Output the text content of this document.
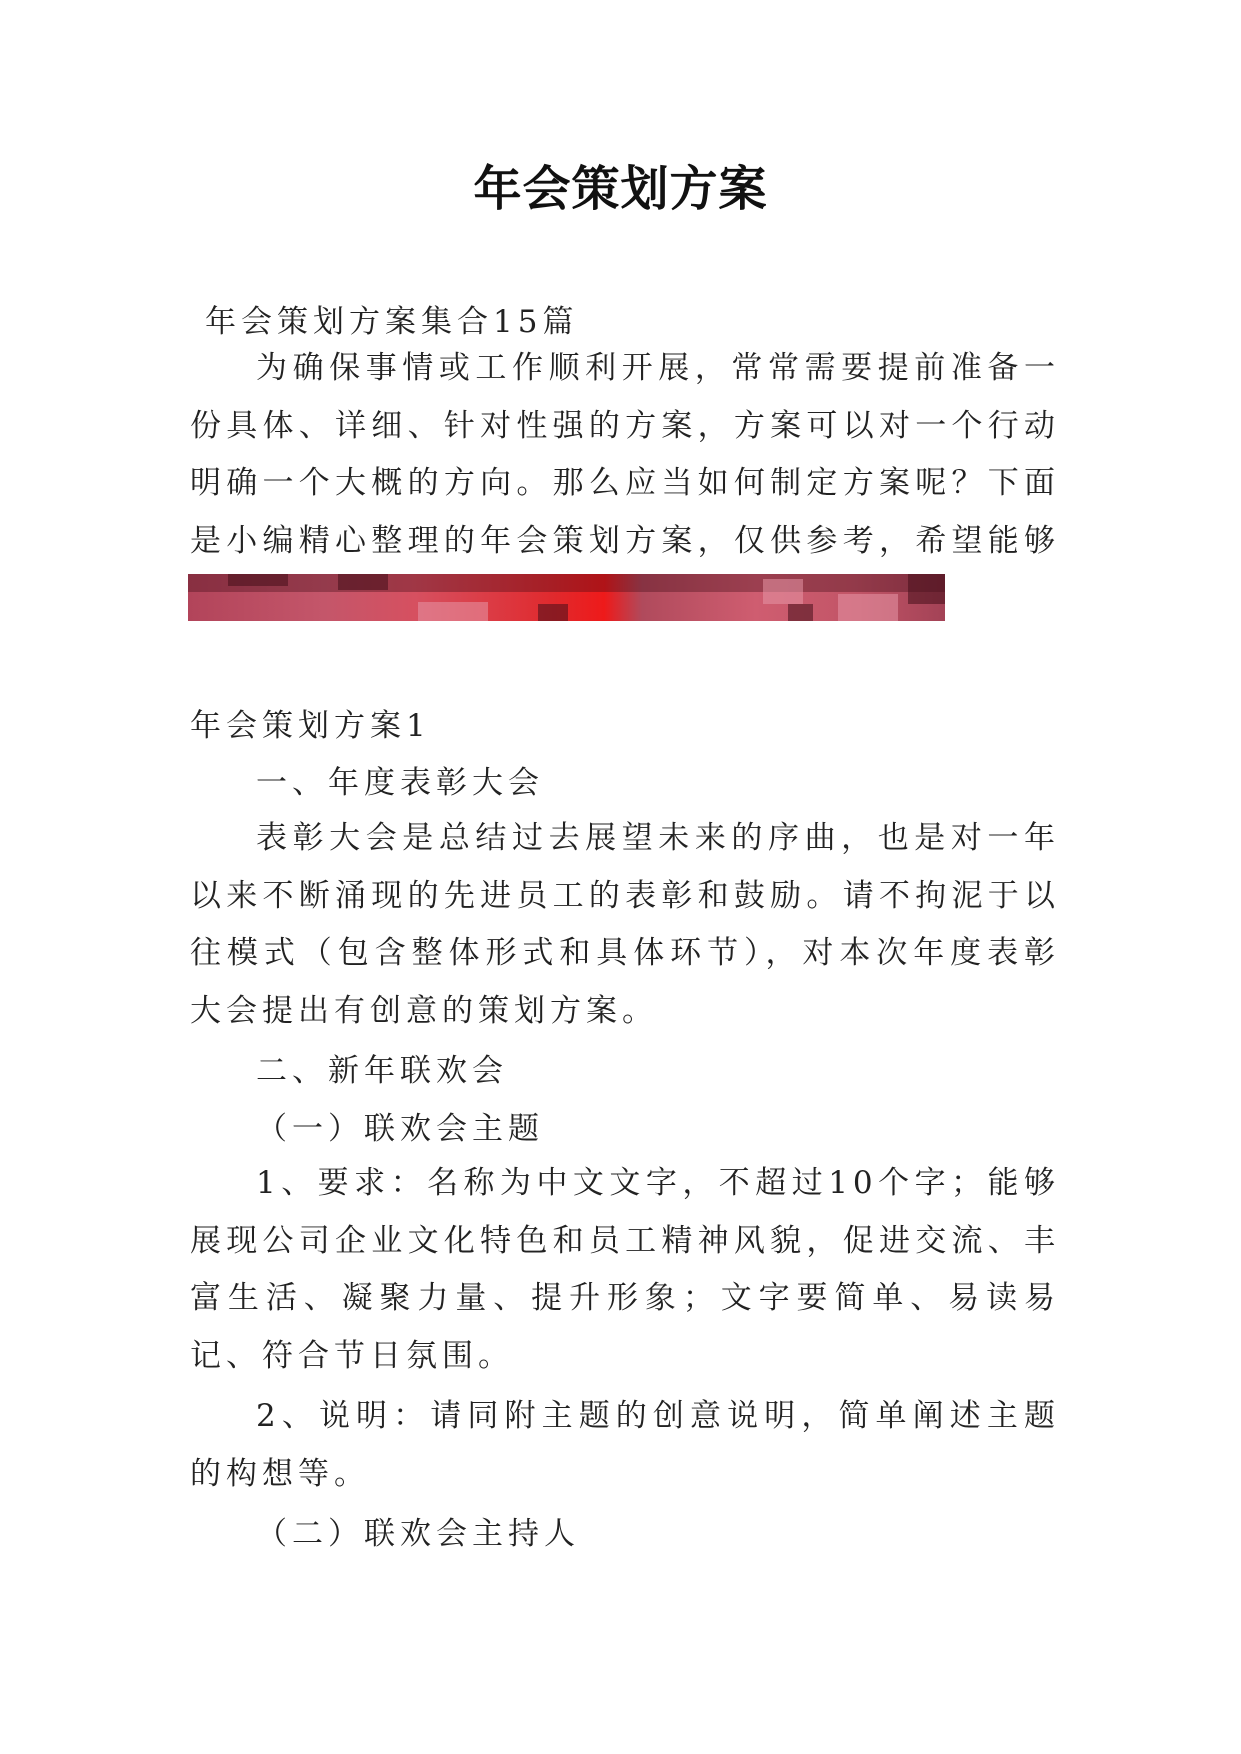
年会策划方案
年会策划方案集合15篇
为确保事情或工作顺利开展，常常需要提前准备一份具体、详细、针对性强的方案，方案可以对一个行动明确一个大概的方向。那么应当如何制定方案呢？下面是小编精心整理的年会策划方案，仅供参考，希望能够
年会策划方案1
一、年度表彰大会
表彰大会是总结过去展望未来的序曲，也是对一年以来不断涌现的先进员工的表彰和鼓励。请不拘泥于以往模式（包含整体形式和具体环节），对本次年度表彰大会提出有创意的策划方案。
二、新年联欢会
（一）联欢会主题
1、要求：名称为中文文字，不超过10个字；能够展现公司企业文化特色和员工精神风貌，促进交流、丰富生活、凝聚力量、提升形象；文字要简单、易读易记、符合节日氛围。
2、说明：请同附主题的创意说明，简单阐述主题的构想等。
（二）联欢会主持人
